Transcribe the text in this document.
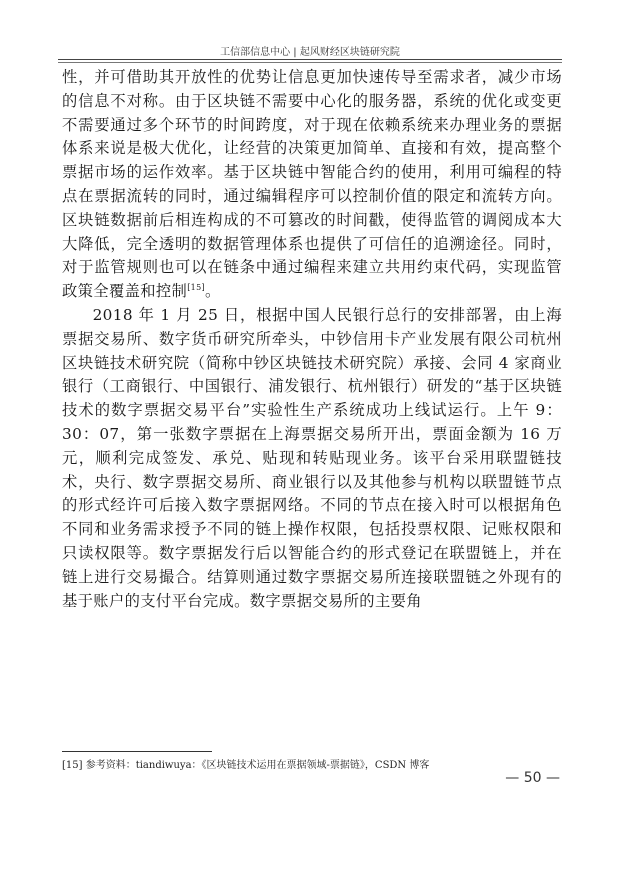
工信部信息中心 | 起风财经区块链研究院

性，并可借助其开放性的优势让信息更加快速传导至需求者，减少市场的信息不对称。由于区块链不需要中心化的服务器，系统的优化或变更不需要通过多个环节的时间跨度，对于现在依赖系统来办理业务的票据体系来说是极大优化，让经营的决策更加简单、直接和有效，提高整个票据市场的运作效率。基于区块链中智能合约的使用，利用可编程的特点在票据流转的同时，通过编辑程序可以控制价值的限定和流转方向。区块链数据前后相连构成的不可篡改的时间戳，使得监管的调阅成本大大降低，完全透明的数据管理体系也提供了可信任的追溯途径。同时，对于监管规则也可以在链条中通过编程来建立共用约束代码，实现监管政策全覆盖和控制[15]。

2018 年 1 月 25 日，根据中国人民银行总行的安排部署，由上海票据交易所、数字货币研究所牵头，中钞信用卡产业发展有限公司杭州区块链技术研究院（简称中钞区块链技术研究院）承接、会同 4 家商业银行（工商银行、中国银行、浦发银行、杭州银行）研发的“基于区块链技术的数字票据交易平台”实验性生产系统成功上线试运行。上午 9：30：07，第一张数字票据在上海票据交易所开出，票面金额为 16 万元，顺利完成签发、承兑、贴现和转贴现业务。该平台采用联盟链技术，央行、数字票据交易所、商业银行以及其他参与机构以联盟链节点的形式经许可后接入数字票据网络。不同的节点在接入时可以根据角色不同和业务需求授予不同的链上操作权限，包括投票权限、记账权限和只读权限等。数字票据发行后以智能合约的形式登记在联盟链上，并在链上进行交易撮合。结算则通过数字票据交易所连接联盟链之外现有的基于账户的支付平台完成。数字票据交易所的主要角

[15] 参考资料：tiandiwuya：《区块链技术运用在票据领域-票据链》，CSDN 博客
— 50 —
